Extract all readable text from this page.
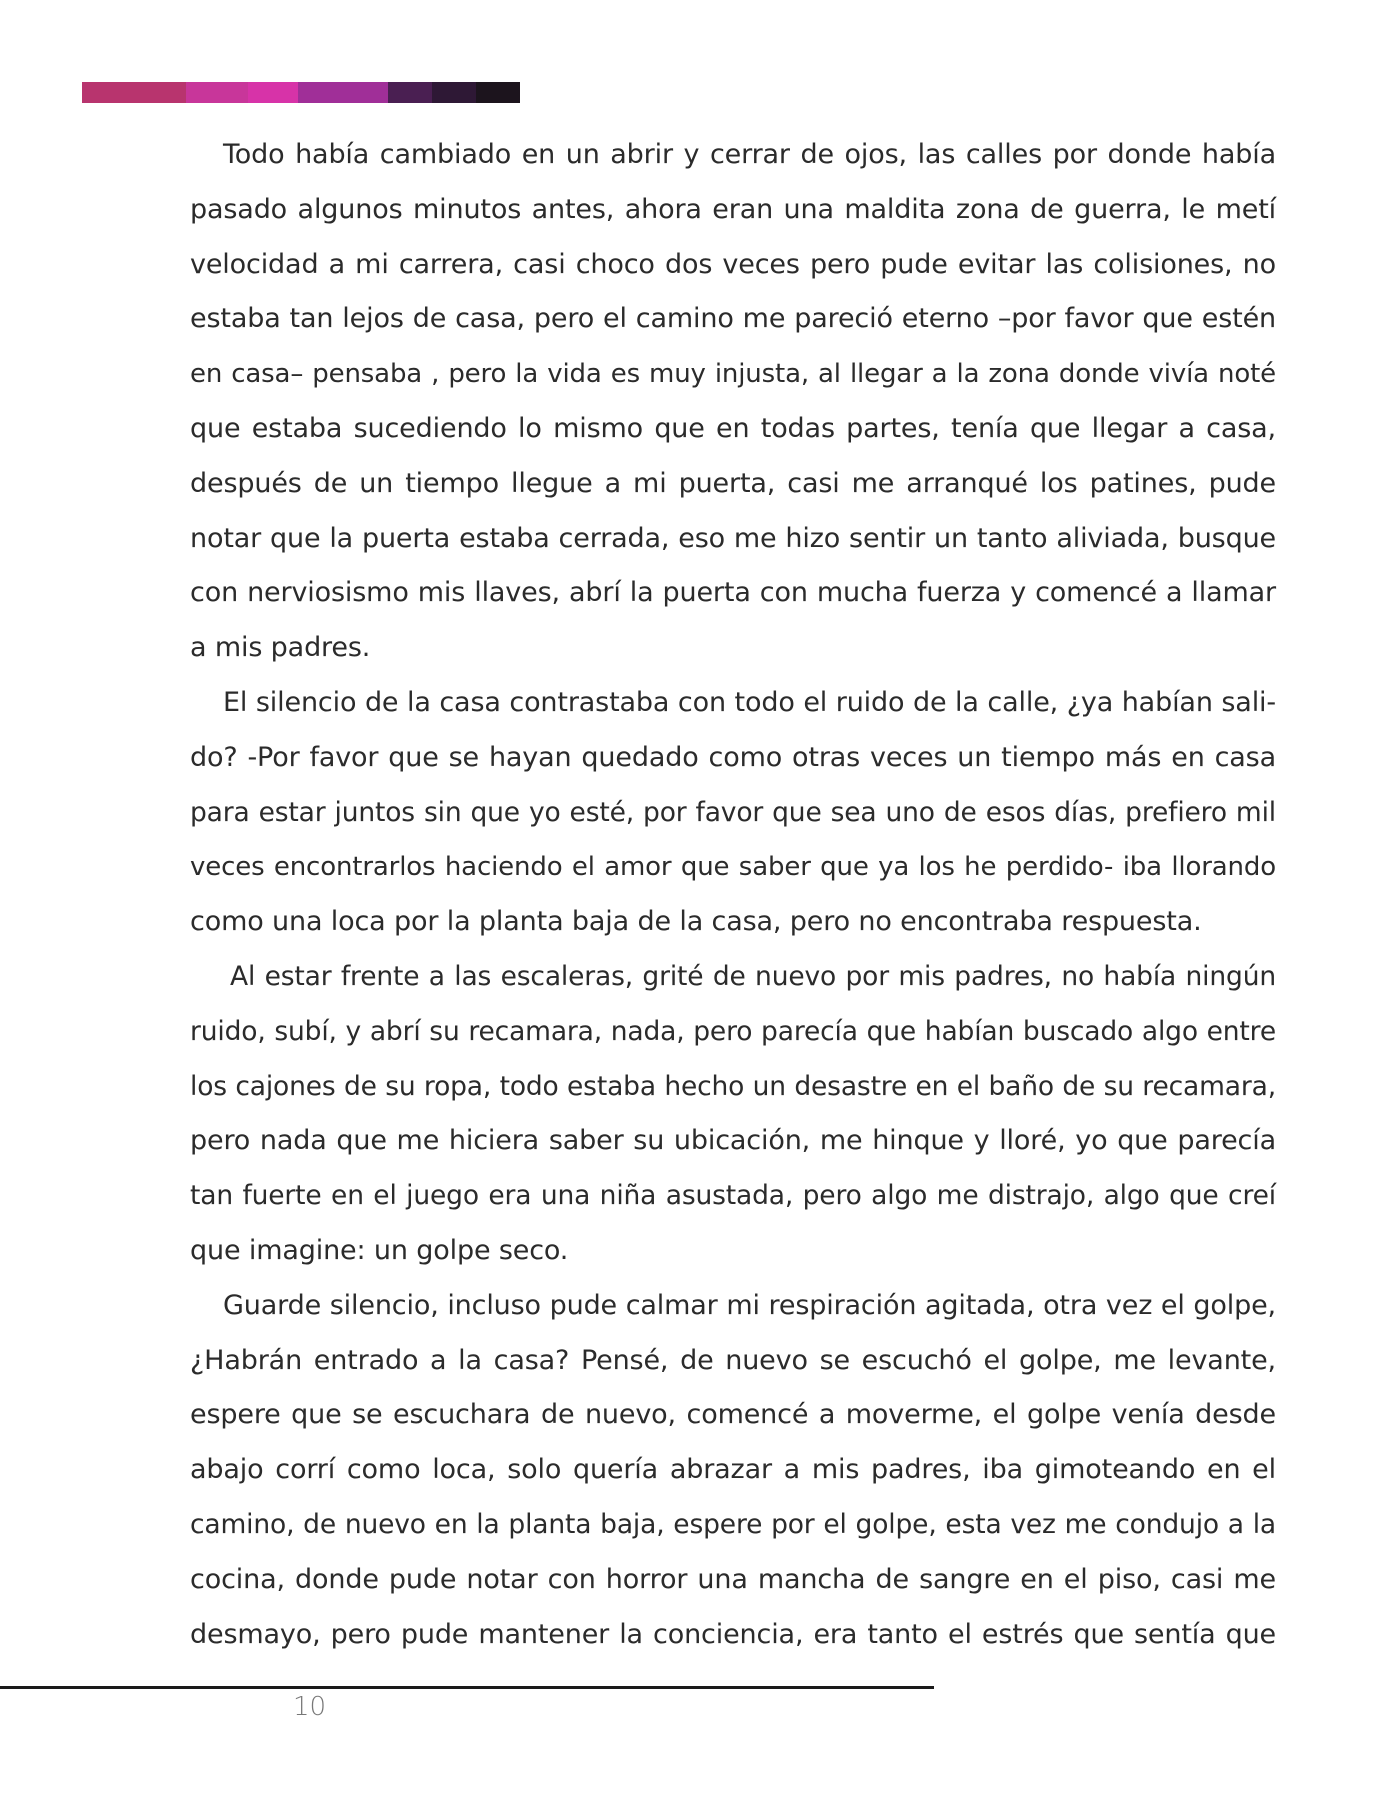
Todo había cambiado en un abrir y cerrar de ojos, las calles por donde había
pasado algunos minutos antes, ahora eran una maldita zona de guerra, le metí
velocidad a mi carrera, casi choco dos veces pero pude evitar las colisiones, no
estaba tan lejos de casa, pero el camino me pareció eterno –por favor que estén
en casa– pensaba , pero la vida es muy injusta, al llegar a la zona donde vivía noté
que estaba sucediendo lo mismo que en todas partes, tenía que llegar a casa,
después de un tiempo llegue a mi puerta, casi me arranqué los patines, pude
notar que la puerta estaba cerrada, eso me hizo sentir un tanto aliviada, busque
con nerviosismo mis llaves, abrí la puerta con mucha fuerza y comencé a llamar
a mis padres.

El silencio de la casa contrastaba con todo el ruido de la calle, ¿ya habían sali-
do? -Por favor que se hayan quedado como otras veces un tiempo más en casa
para estar juntos sin que yo esté, por favor que sea uno de esos días, prefiero mil
veces encontrarlos haciendo el amor que saber que ya los he perdido- iba llorando
como una loca por la planta baja de la casa, pero no encontraba respuesta.

Al estar frente a las escaleras, grité de nuevo por mis padres, no había ningún
ruido, subí, y abrí su recamara, nada, pero parecía que habían buscado algo entre
los cajones de su ropa, todo estaba hecho un desastre en el baño de su recamara,
pero nada que me hiciera saber su ubicación, me hinque y lloré, yo que parecía
tan fuerte en el juego era una niña asustada, pero algo me distrajo, algo que creí
que imagine: un golpe seco.

Guarde silencio, incluso pude calmar mi respiración agitada, otra vez el golpe,
¿Habrán entrado a la casa? Pensé, de nuevo se escuchó el golpe, me levante,
espere que se escuchara de nuevo, comencé a moverme, el golpe venía desde
abajo corrí como loca, solo quería abrazar a mis padres, iba gimoteando en el
camino, de nuevo en la planta baja, espere por el golpe, esta vez me condujo a la
cocina, donde pude notar con horror una mancha de sangre en el piso, casi me
desmayo, pero pude mantener la conciencia, era tanto el estrés que sentía que

10
